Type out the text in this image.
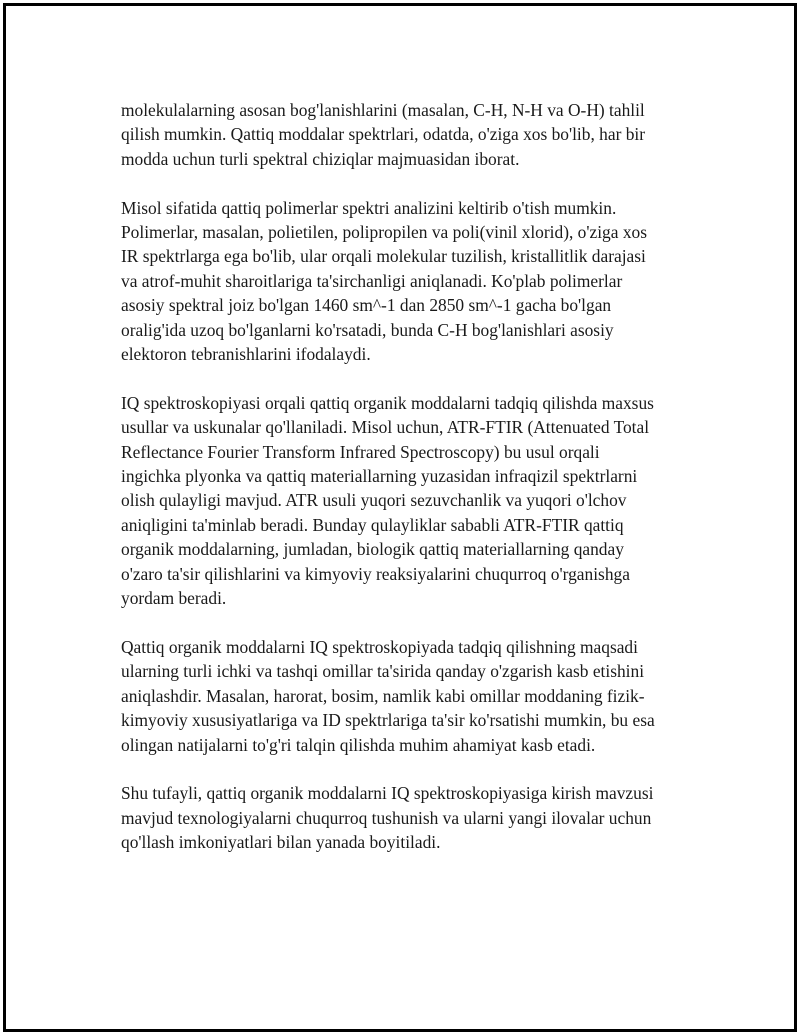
molekulalarning asosan bog'lanishlarini (masalan, C-H, N-H va O-H) tahlil
qilish mumkin. Qattiq moddalar spektrlari, odatda, o'ziga xos bo'lib, har bir
modda uchun turli spektral chiziqlar majmuasidan iborat.

Misol sifatida qattiq polimerlar spektri analizini keltirib o'tish mumkin.
Polimerlar, masalan, polietilen, polipropilen va poli(vinil xlorid), o'ziga xos
IR spektrlarga ega bo'lib, ular orqali molekular tuzilish, kristallitlik darajasi
va atrof-muhit sharoitlariga ta'sirchanligi aniqlanadi. Ko'plab polimerlar
asosiy spektral joiz bo'lgan 1460 sm^-1 dan 2850 sm^-1 gacha bo'lgan
oralig'ida uzoq bo'lganlarni ko'rsatadi, bunda C-H bog'lanishlari asosiy
elektoron tebranishlarini ifodalaydi.

IQ spektroskopiyasi orqali qattiq organik moddalarni tadqiq qilishda maxsus
usullar va uskunalar qo'llaniladi. Misol uchun, ATR-FTIR (Attenuated Total
Reflectance Fourier Transform Infrared Spectroscopy) bu usul orqali
ingichka plyonka va qattiq materiallarning yuzasidan infraqizil spektrlarni
olish qulayligi mavjud. ATR usuli yuqori sezuvchanlik va yuqori o'lchov
aniqligini ta'minlab beradi. Bunday qulayliklar sababli ATR-FTIR qattiq
organik moddalarning, jumladan, biologik qattiq materiallarning qanday
o'zaro ta'sir qilishlarini va kimyoviy reaksiyalarini chuqurroq o'rganishga
yordam beradi.

Qattiq organik moddalarni IQ spektroskopiyada tadqiq qilishning maqsadi
ularning turli ichki va tashqi omillar ta'sirida qanday o'zgarish kasb etishini
aniqlashdir. Masalan, harorat, bosim, namlik kabi omillar moddaning fizik-
kimyoviy xususiyatlariga va ID spektrlariga ta'sir ko'rsatishi mumkin, bu esa
olingan natijalarni to'g'ri talqin qilishda muhim ahamiyat kasb etadi.

Shu tufayli, qattiq organik moddalarni IQ spektroskopiyasiga kirish mavzusi
mavjud texnologiyalarni chuqurroq tushunish va ularni yangi ilovalar uchun
qo'llash imkoniyatlari bilan yanada boyitiladi.
